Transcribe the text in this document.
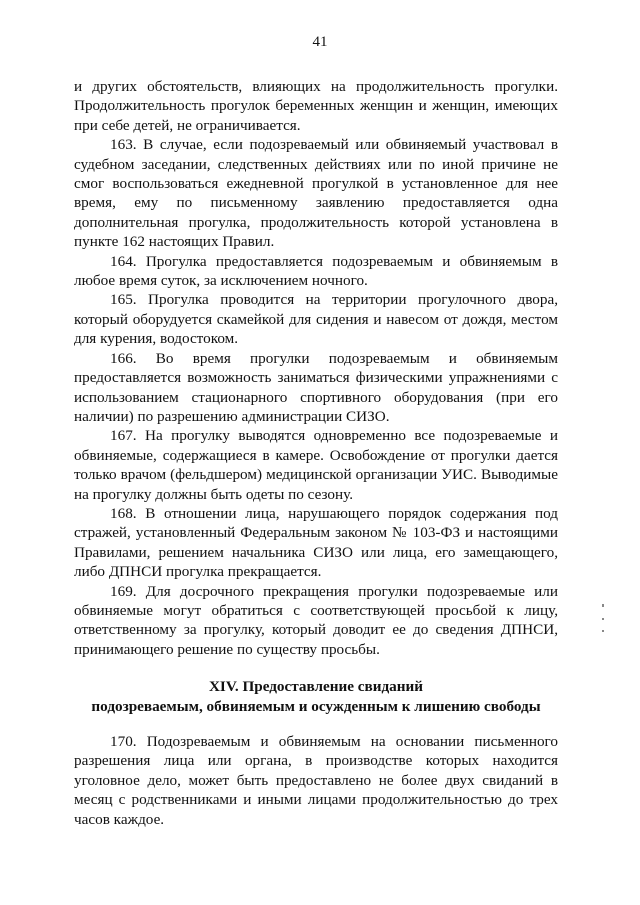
41

и других обстоятельств, влияющих на продолжительность прогулки. Продолжительность прогулок беременных женщин и женщин, имеющих при себе детей, не ограничивается.

163. В случае, если подозреваемый или обвиняемый участвовал в судебном заседании, следственных действиях или по иной причине не смог воспользоваться ежедневной прогулкой в установленное для нее время, ему по письменному заявлению предоставляется одна дополнительная прогулка, продолжительность которой установлена в пункте 162 настоящих Правил.

164. Прогулка предоставляется подозреваемым и обвиняемым в любое время суток, за исключением ночного.

165. Прогулка проводится на территории прогулочного двора, который оборудуется скамейкой для сидения и навесом от дождя, местом для курения, водостоком.

166. Во время прогулки подозреваемым и обвиняемым предоставляется возможность заниматься физическими упражнениями с использованием стационарного спортивного оборудования (при его наличии) по разрешению администрации СИЗО.

167. На прогулку выводятся одновременно все подозреваемые и обвиняемые, содержащиеся в камере. Освобождение от прогулки дается только врачом (фельдшером) медицинской организации УИС. Выводимые на прогулку должны быть одеты по сезону.

168. В отношении лица, нарушающего порядок содержания под стражей, установленный Федеральным законом № 103-ФЗ и настоящими Правилами, решением начальника СИЗО или лица, его замещающего, либо ДПНСИ прогулка прекращается.

169. Для досрочного прекращения прогулки подозреваемые или обвиняемые могут обратиться с соответствующей просьбой к лицу, ответственному за прогулку, который доводит ее до сведения ДПНСИ, принимающего решение по существу просьбы.

XIV. Предоставление свиданий
подозреваемым, обвиняемым и осужденным к лишению свободы

170. Подозреваемым и обвиняемым на основании письменного разрешения лица или органа, в производстве которых находится уголовное дело, может быть предоставлено не более двух свиданий в месяц с родственниками и иными лицами продолжительностью до трех часов каждое.
